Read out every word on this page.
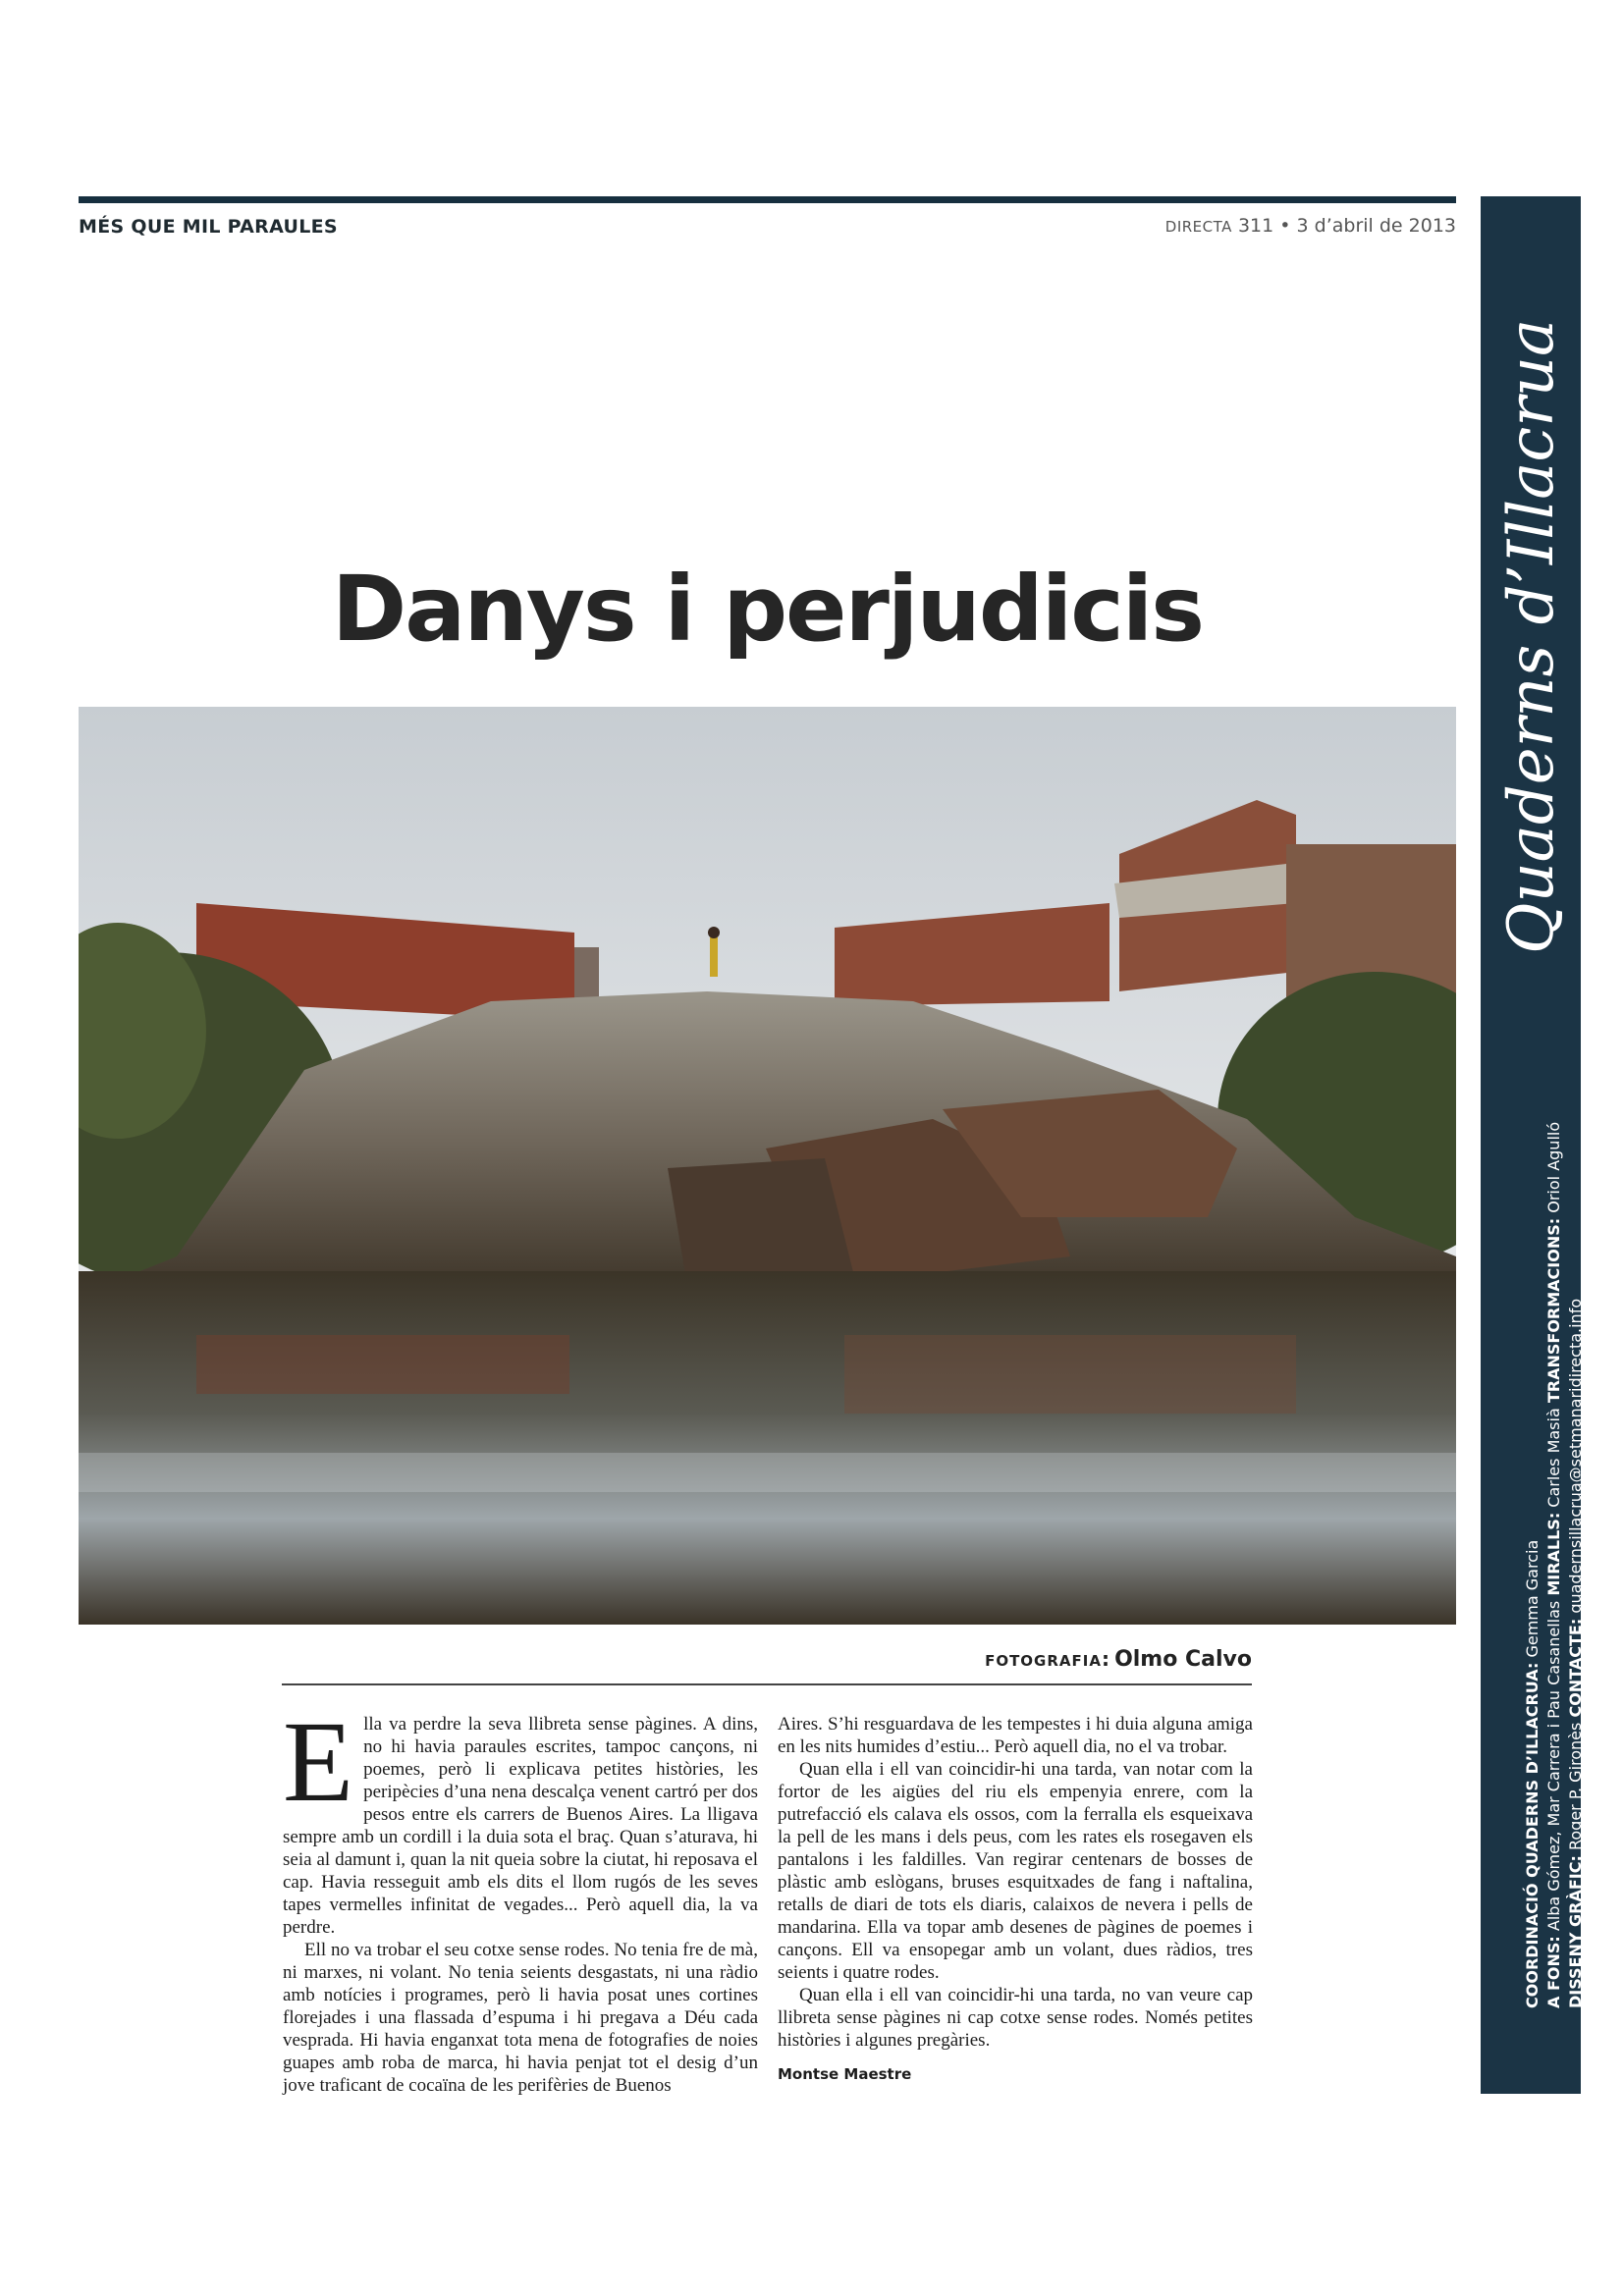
MÉS QUE MIL PARAULES	DIRECTA 311 • 3 d’abril de 2013
Danys i perjudicis
FOTOGRAFIA: Olmo Calvo
E lla va perdre la seva llibreta sense pàgines. A dins, no hi havia paraules escrites, tampoc cançons, ni poemes, però li explicava petites històries, les peripècies d’una nena descalça venent cartró per dos pesos entre els carrers de Buenos Aires. La lligava sempre amb un cordill i la duia sota el braç. Quan s’aturava, hi seia al damunt i, quan la nit queia sobre la ciutat, hi reposava el cap. Havia resseguit amb els dits el llom rugós de les seves tapes vermelles infinitat de vegades... Però aquell dia, la va perdre.

Ell no va trobar el seu cotxe sense rodes. No tenia fre de mà, ni marxes, ni volant. No tenia seients desgastats, ni una ràdio amb notícies i programes, però li havia posat unes cortines florejades i una flassada d’espuma i hi pregava a Déu cada vesprada. Hi havia enganxat tota mena de fotografies de noies guapes amb roba de marca, hi havia penjat tot el desig d’un jove traficant de cocaïna de les perifèries de Buenos

Aires. S’hi resguardava de les tempestes i hi duia alguna amiga en les nits humides d’estiu... Però aquell dia, no el va trobar.

Quan ella i ell van coincidir-hi una tarda, van notar com la fortor de les aigües del riu els empenyia enrere, com la putrefacció els calava els ossos, com la ferralla els esqueixava la pell de les mans i dels peus, com les rates els rosegaven els pantalons i les faldilles. Van regirar centenars de bosses de plàstic amb eslògans, bruses esquitxades de fang i naftalina, retalls de diari de tots els diaris, calaixos de nevera i pells de mandarina. Ella va topar amb desenes de pàgines de poemes i cançons. Ell va ensopegar amb un volant, dues ràdios, tres seients i quatre rodes.

Quan ella i ell van coincidir-hi una tarda, no van veure cap llibreta sense pàgines ni cap cotxe sense rodes. Només petites històries i algunes pregàries.

Montse Maestre
Quaderns d’Illacrua
COORDINACIÓ QUADERNS D’ILLACRUA: Gemma Garcia
A FONS: Alba Gómez, Mar Carrera i Pau Casanellas MIRALLS: Carles Masià TRANSFORMACIONS: Oriol Agulló
DISSENY GRÀFIC: Roger P. Gironès CONTACTE: quadernsillacrua@setmanaridirecta.info
